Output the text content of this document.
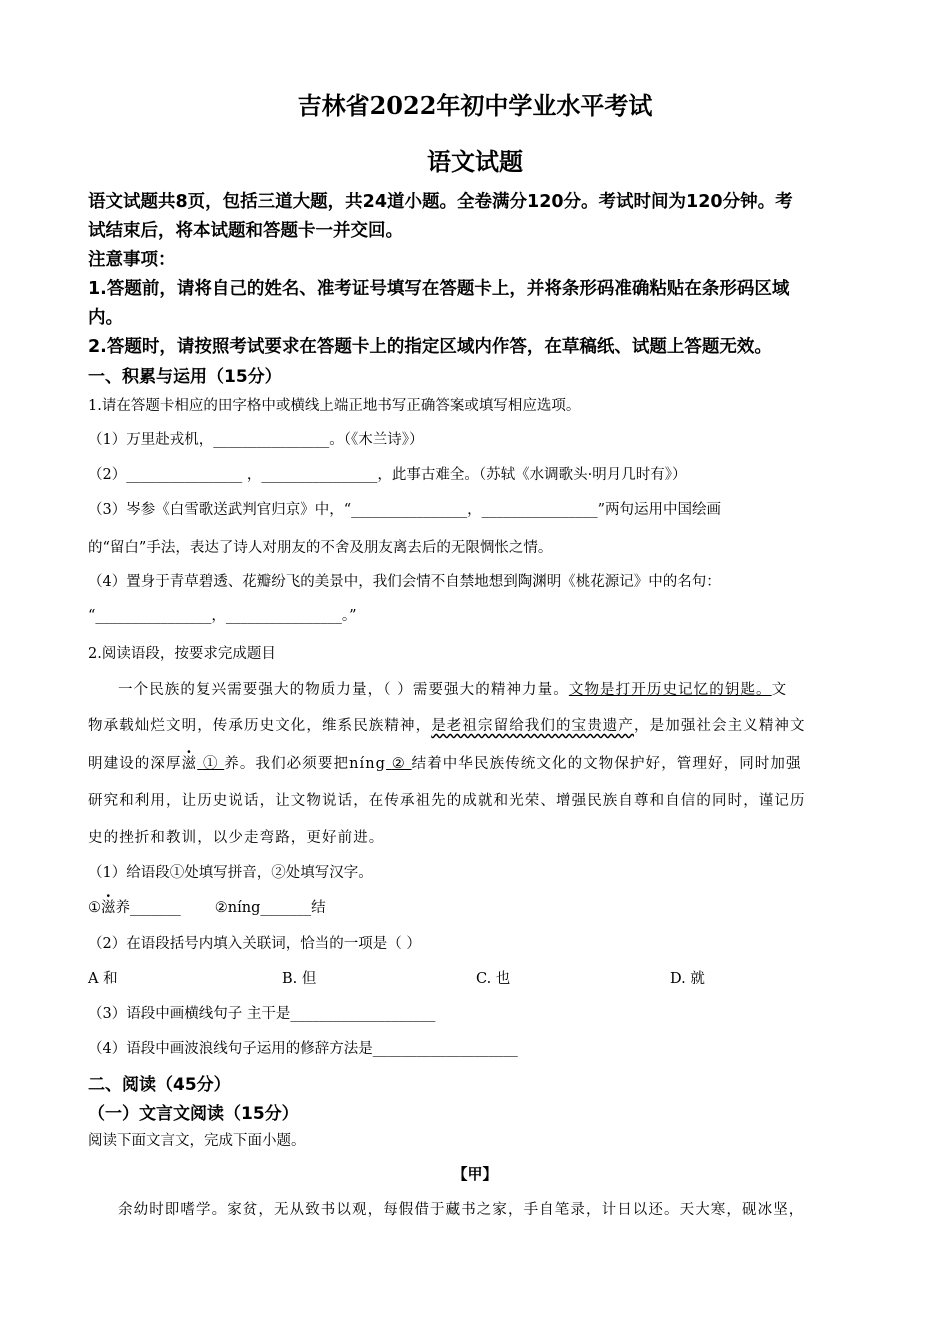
吉林省2022年初中学业水平考试
语文试题
语文试题共8页，包括三道大题，共24道小题。全卷满分120分。考试时间为120分钟。考
试结束后，将本试题和答题卡一并交回。
注意事项：
1.答题前，请将自己的姓名、准考证号填写在答题卡上，并将条形码准确粘贴在条形码区域
内。
2.答题时，请按照考试要求在答题卡上的指定区域内作答，在草稿纸、试题上答题无效。
一、积累与运用（15分）
1.请在答题卡相应的田字格中或横线上端正地书写正确答案或填写相应选项。
（1）万里赴戎机，________________。（《木兰诗》）
（2）________________ ，________________，此事古难全。（苏轼《水调歌头·明月几时有》）
（3）岑参《白雪歌送武判官归京》中，“________________，________________”两句运用中国绘画
的“留白”手法，表达了诗人对朋友的不舍及朋友离去后的无限惆怅之情。
（4）置身于青草碧透、花瓣纷飞的美景中，我们会情不自禁地想到陶渊明《桃花源记》中的名句：
“________________，________________。”
2.阅读语段，按要求完成题目
一个民族的复兴需要强大的物质力量，（ ）需要强大的精神力量。文物是打开历史记忆的钥匙。文
物承载灿烂文明，传承历史文化，维系民族精神，是老祖宗留给我们的宝贵遗产，是加强社会主义精神文
明建设的深厚滋 ① 养。我们必须要把níng ② 结着中华民族传统文化的文物保护好，管理好，同时加强
研究和利用，让历史说话，让文物说话，在传承祖先的成就和光荣、增强民族自尊和自信的同时，谨记历
史的挫折和教训，以少走弯路，更好前进。
（1）给语段①处填写拼音，②处填写汉字。
①滋养_______ ②níng_______结
（2）在语段括号内填入关联词，恰当的一项是（ ）
A 和	B. 但	C. 也	D. 就
（3）语段中画横线句子 主干是____________________
（4）语段中画波浪线句子运用的修辞方法是____________________
二、阅读（45分）
（一）文言文阅读（15分）
阅读下面文言文，完成下面小题。
【甲】
余幼时即嗜学。家贫，无从致书以观，每假借于藏书之家，手自笔录，计日以还。天大寒，砚冰坚，
